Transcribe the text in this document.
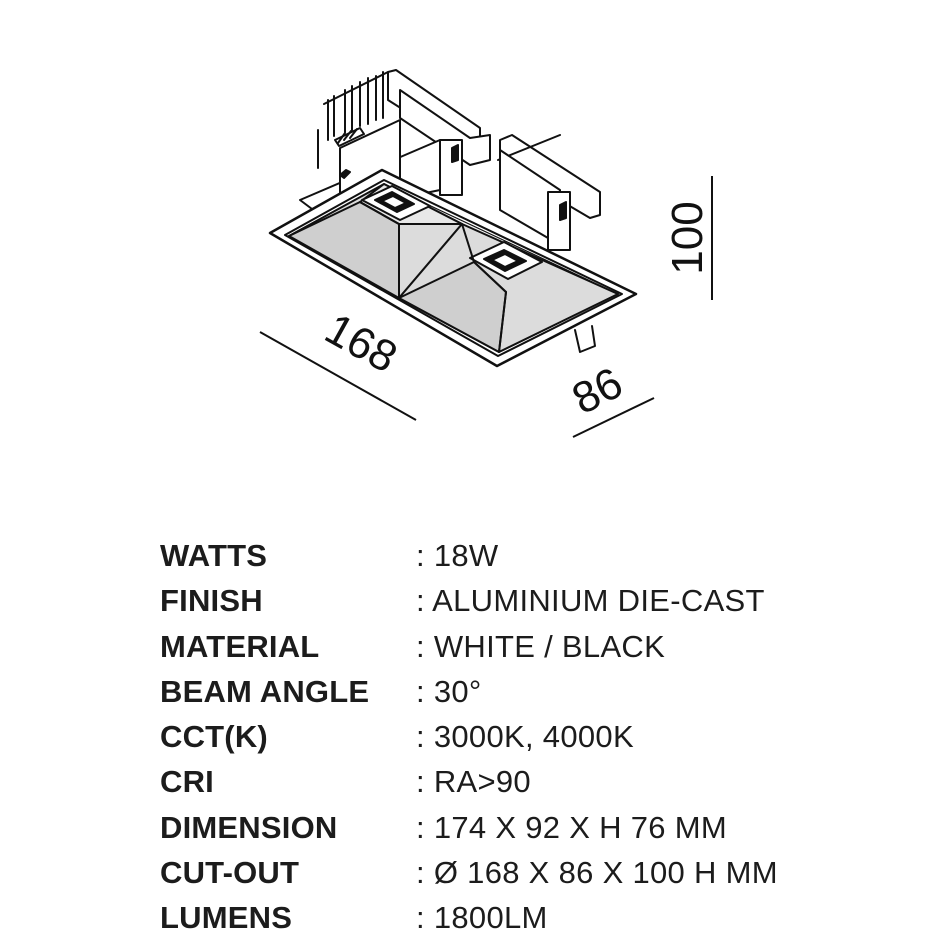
168
86
100
WATTS	: 18W
FINISH	: ALUMINIUM DIE-CAST
MATERIAL	: WHITE / BLACK
BEAM ANGLE : 30°
CCT(K)	: 3000K, 4000K
CRI	: RA>90
DIMENSION	: 174 X 92 X H 76 MM
CUT-OUT	: Ø 168 X 86 X 100 H MM
LUMENS	: 1800LM
